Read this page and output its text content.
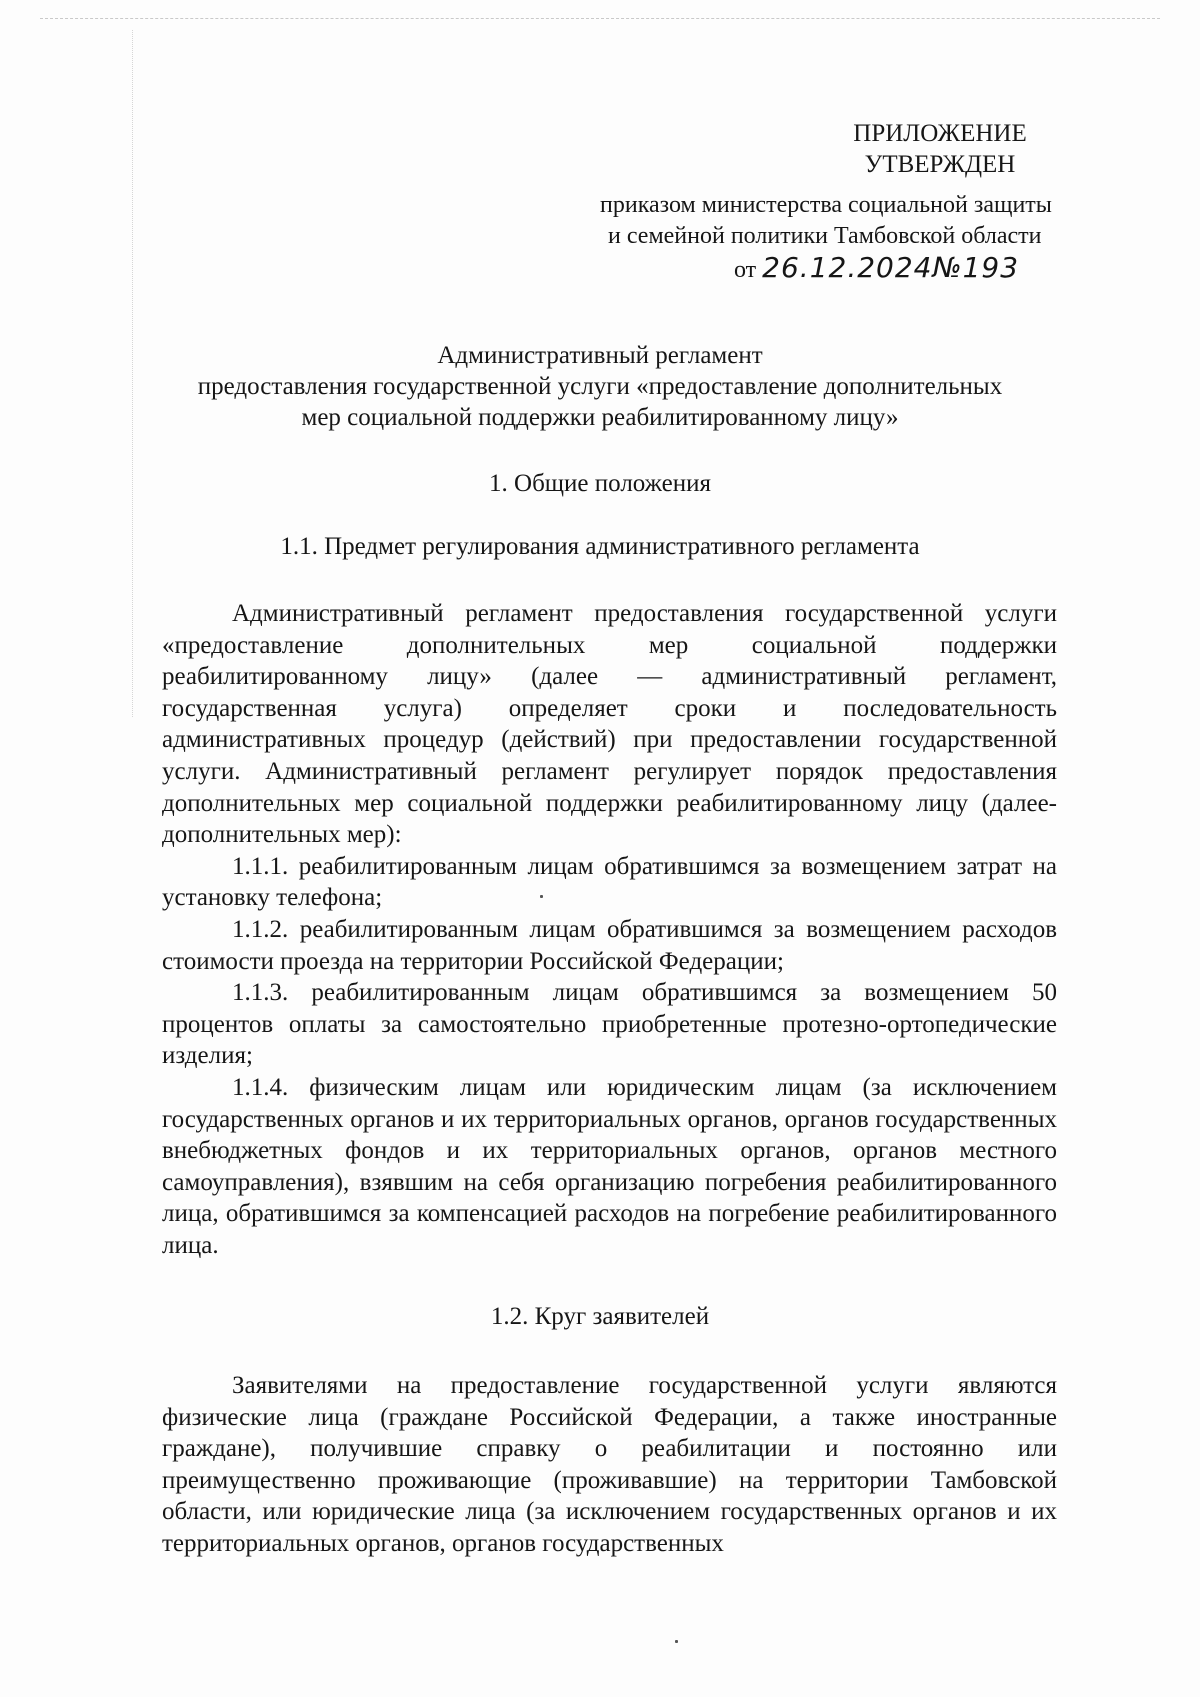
ПРИЛОЖЕНИЕ
УТВЕРЖДЕН
приказом министерства социальной защиты
и семейной политики Тамбовской области
от 26.12.2024№193
Административный регламент
предоставления государственной услуги «предоставление дополнительных
мер социальной поддержки реабилитированному лицу»
1. Общие положения
1.1. Предмет регулирования административного регламента

Административный регламент предоставления государственной услуги «предоставление дополнительных мер социальной поддержки реабилитированному лицу» (далее — административный регламент, государственная услуга) определяет сроки и последовательность административных процедур (действий) при предоставлении государственной услуги. Административный регламент регулирует порядок предоставления дополнительных мер социальной поддержки реабилитированному лицу (далее- дополнительных мер):

1.1.1. реабилитированным лицам обратившимся за возмещением затрат на установку телефона;

1.1.2. реабилитированным лицам обратившимся за возмещением расходов стоимости проезда на территории Российской Федерации;

1.1.3. реабилитированным лицам обратившимся за возмещением 50 процентов оплаты за самостоятельно приобретенные протезно-ортопедические изделия;

1.1.4. физическим лицам или юридическим лицам (за исключением государственных органов и их территориальных органов, органов государственных внебюджетных фондов и их территориальных органов, органов местного самоуправления), взявшим на себя организацию погребения реабилитированного лица, обратившимся за компенсацией расходов на погребение реабилитированного лица.

1.2. Круг заявителей

Заявителями на предоставление государственной услуги являются физические лица (граждане Российской Федерации, а также иностранные граждане), получившие справку о реабилитации и постоянно или преимущественно проживающие (проживавшие) на территории Тамбовской области, или юридические лица (за исключением государственных органов и их территориальных органов, органов государственных
